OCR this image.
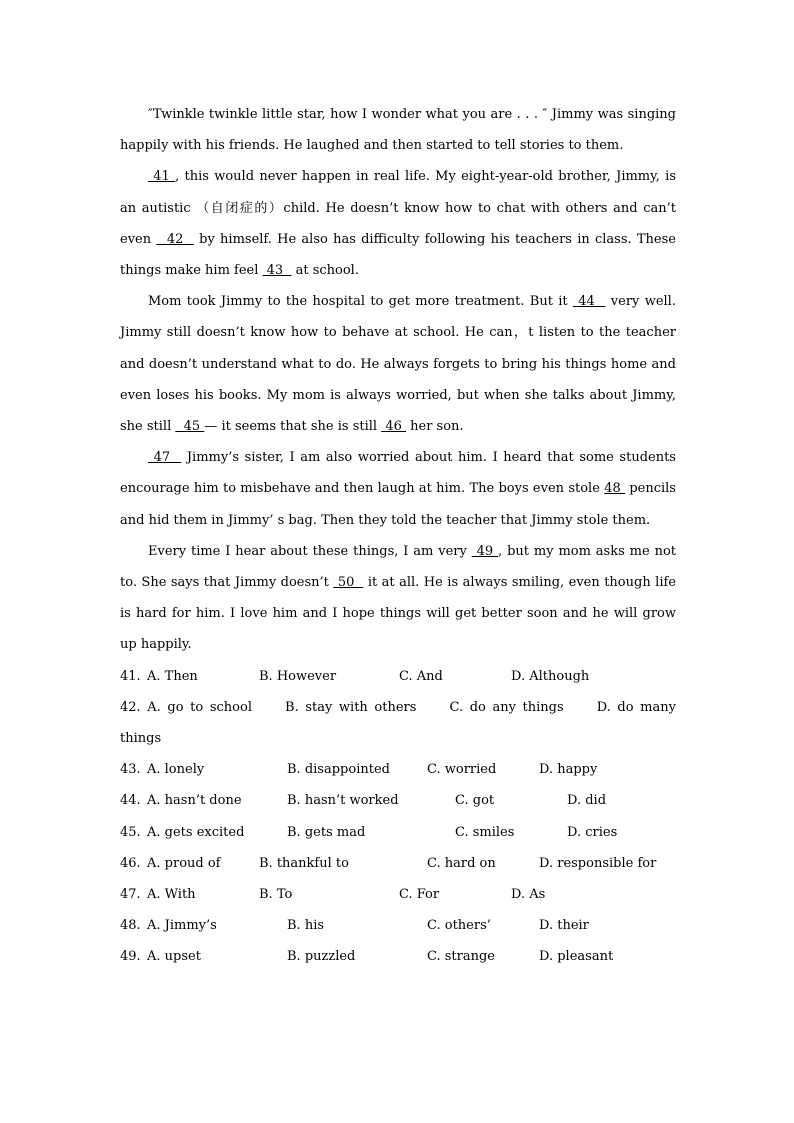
″Twinkle twinkle little star, how I wonder what you are . . . ″ Jimmy was singing happily with his friends. He laughed and then started to tell stories to them.

41 , this would never happen in real life. My eight-year-old brother, Jimmy, is an autistic （自闭症的）child. He doesn’t know how to chat with others and can’t even   42   by himself. He also has difficulty following his teachers in class. These things make him feel  43   at school.

Mom took Jimmy to the hospital to get more treatment. But it  44   very well. Jimmy still doesn’t know how to behave at school. He can，t listen to the teacher and doesn’t understand what to do. He always forgets to bring his things home and even loses his books. My mom is always worried, but when she talks about Jimmy, she still   45 — it seems that she is still  46  her son.

47   Jimmy’s sister, I am also worried about him. I heard that some students encourage him to misbehave and then laugh at him. The boys even stole 48  pencils and hid them in Jimmy’ s bag. Then they told the teacher that Jimmy stole them.

Every time I hear about these things, I am very  49 , but my mom asks me not to. She says that Jimmy doesn’t  50   it at all. He is always smiling, even though life is hard for him. I love him and I hope things will get better soon and he will grow up happily.

41. A. Then	B. However	C. And	D. Although
42. A. go to school	B. stay with others	C. do any things	D. do many things
43. A. lonely	B. disappointed	C. worried	D. happy
44. A. hasn’t done	B. hasn’t worked	C. got	D. did
45. A. gets excited	B. gets mad	C. smiles	D. cries
46. A. proud of	B. thankful to	C. hard on	D. responsible for
47. A. With	B. To	C. For	D. As
48. A. Jimmy’s	B. his	C. others’	D. their
49. A. upset	B. puzzled	C. strange	D. pleasant
